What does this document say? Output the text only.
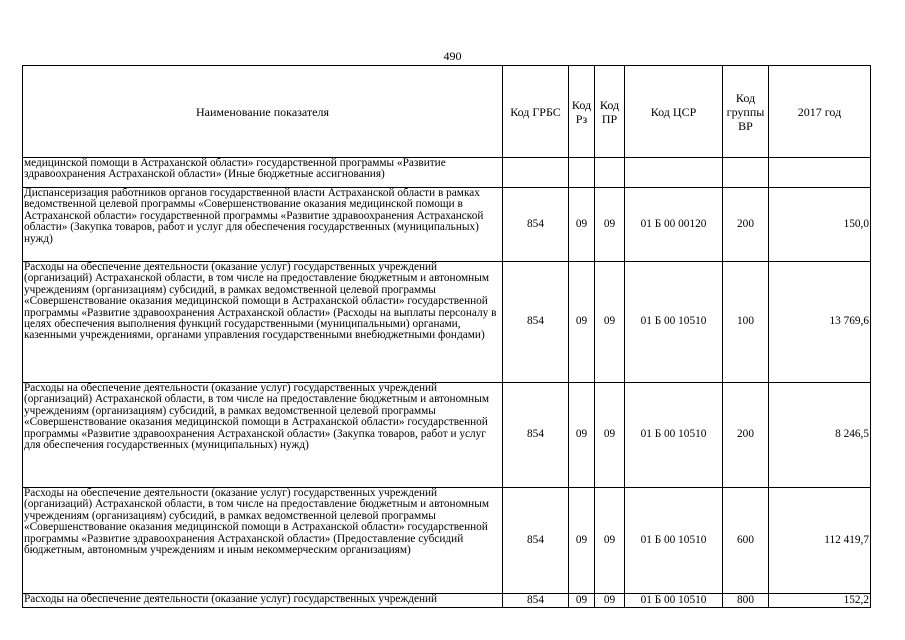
490
Наименование показателя	Код ГРБС	Код Рз	Код ПР	Код ЦСР	Код группы ВР	2017 год
медицинской помощи в Астраханской области» государственной программы «Развитие здравоохранения Астраханской области» (Иные бюджетные ассигнования)						
Диспансеризация работников органов государственной власти Астраханской области в рамках ведомственной целевой программы «Совершенствование оказания медицинской помощи в Астраханской области» государственной программы «Развитие здравоохранения Астраханской области» (Закупка товаров, работ и услуг для обеспечения государственных (муниципальных) нужд)	854	09	09	01 Б 00 00120	200	150,0
Расходы на обеспечение деятельности (оказание услуг) государственных учреждений (организаций) Астраханской области, в том числе на предоставление бюджетным и автономным учреждениям (организациям) субсидий, в рамках ведомственной целевой программы «Совершенствование оказания медицинской помощи в Астраханской области» государственной программы «Развитие здравоохранения Астраханской области» (Расходы на выплаты персоналу в целях обеспечения выполнения функций государственными (муниципальными) органами, казенными учреждениями, органами управления государственными внебюджетными фондами)	854	09	09	01 Б 00 10510	100	13 769,6
Расходы на обеспечение деятельности (оказание услуг) государственных учреждений (организаций) Астраханской области, в том числе на предоставление бюджетным и автономным учреждениям (организациям) субсидий, в рамках ведомственной целевой программы «Совершенствование оказания медицинской помощи в Астраханской области» государственной программы «Развитие здравоохранения Астраханской области» (Закупка товаров, работ и услуг для обеспечения государственных (муниципальных) нужд)	854	09	09	01 Б 00 10510	200	8 246,5
Расходы на обеспечение деятельности (оказание услуг) государственных учреждений (организаций) Астраханской области, в том числе на предоставление бюджетным и автономным учреждениям (организациям) субсидий, в рамках ведомственной целевой программы «Совершенствование оказания медицинской помощи в Астраханской области» государственной программы «Развитие здравоохранения Астраханской области» (Предоставление субсидий бюджетным, автономным учреждениям и иным некоммерческим организациям)	854	09	09	01 Б 00 10510	600	112 419,7
Расходы на обеспечение деятельности (оказание услуг) государственных учреждений	854	09	09	01 Б 00 10510	800	152,2
